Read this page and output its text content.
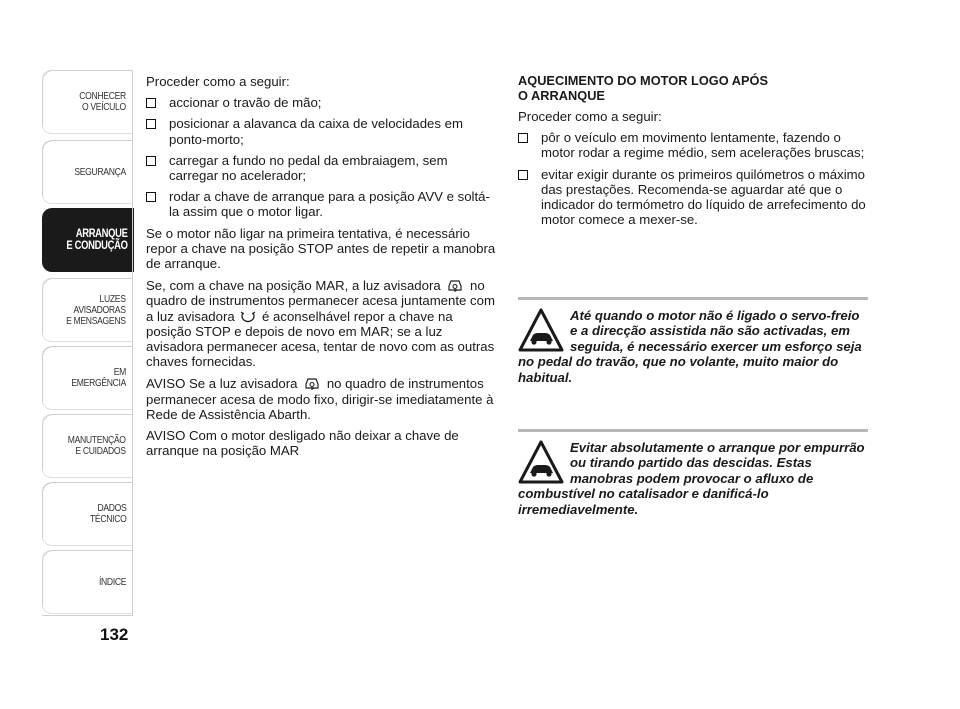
CONHECER
O VEÍCULO
SEGURANÇA
ARRANQUE
E CONDUÇÃO
LUZES
AVISADORAS
E MENSAGENS
EM EMERGÊNCIA
MANUTENÇÃO
E CUIDADOS
DADOS
TÉCNICO
ÍNDICE
132

Proceder como a seguir:

accionar o travão de mão;
posicionar a alavanca da caixa de velocidades em ponto-morto;
carregar a fundo no pedal da embraiagem, sem carregar no acelerador;
rodar a chave de arranque para a posição AVV e soltá-la assim que o motor ligar.

Se o motor não ligar na primeira tentativa, é necessário repor a chave na posição STOP antes de repetir a manobra de arranque.

Se, com a chave na posição MAR, a luz avisadora no quadro de instrumentos permanecer acesa juntamente com a luz avisadora é aconselhável repor a chave na posição STOP e depois de novo em MAR; se a luz avisadora permanecer acesa, tentar de novo com as outras chaves fornecidas.

AVISO Se a luz avisadora no quadro de instrumentos permanecer acesa de modo fixo, dirigir-se imediatamente à Rede de Assistência Abarth.

AVISO Com o motor desligado não deixar a chave de arranque na posição MAR

AQUECIMENTO DO MOTOR LOGO APÓS
O ARRANQUE

Proceder como a seguir:

pôr o veículo em movimento lentamente, fazendo o motor rodar a regime médio, sem acelerações bruscas;
evitar exigir durante os primeiros quilómetros o máximo das prestações. Recomenda-se aguardar até que o indicador do termómetro do líquido de arrefecimento do motor comece a mexer-se.
Até quando o motor não é ligado o servo-freio e a direcção assistida não são activadas, em seguida, é necessário exercer um esforço seja no pedal do travão, que no volante, muito maior do habitual.
Evitar absolutamente o arranque por empurrão ou tirando partido das descidas. Estas manobras podem provocar o afluxo de combustível no catalisador e danificá-lo irremediavelmente.
